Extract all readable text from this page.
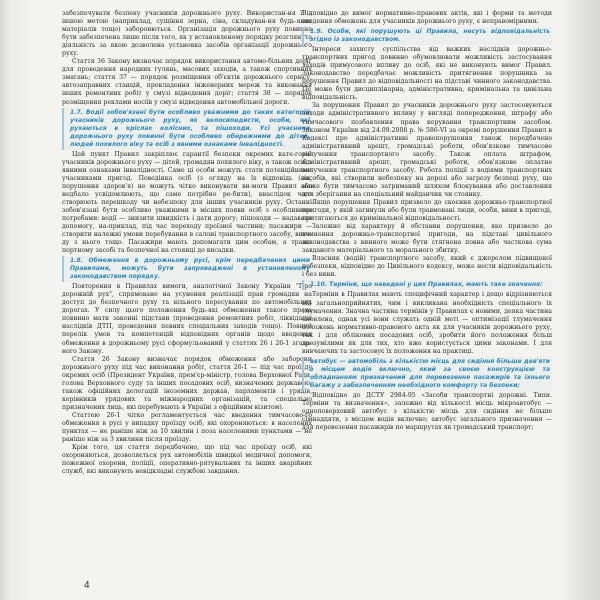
забезпечувати безпеку учасників дорожнього руху. Використан-ня її з іншою метою (наприклад, сушіння зерна, сіна, складуван-ня будь-яких матеріалів тощо) заборонються. Організація дорожнього руху повинна бути забезпечена лише після того, як у встановленому порядку розглянута діяльність за якою дозволена установка засобів організації дорожнього руху.

Стаття 36 Закону визначає порядок використання автомо-більних доріг для проведення народних гулянь, масових заходів, а також спортивних змагань; стаття 37 — порядок розміщення об'єктів дорожнього сервісу, автозаправних станцій, прокладення інженерних мереж та виконання інших ремонтних робіт у смузі відведення доріг; стаття 38 — порядок розміщення реклами носіїв у смузі відведення автомобільної дороги.

1.7. Водії зобов'язані бути особливо уважними до таких категорій учасників дорожнього руху, як велосипедисти, особи, які рухаються в кріслах колісних, та пішоходи. Усі учасники дорожнього руху повинні бути особливо обережними до дітей, людей похилого віку та осіб з явними ознаками інвалідності.

Цей пункт Правил закріплює гарантії безпеки окремих кате-горій учасників дорожнього руху — дітей, громадян похилого віку, а також осіб з явними ознаками інвалідності. Саме ці особи можуть стати потенційними учасниками пригод. Поведінка осіб (з огляду на їх відповідь (вік, порушення здоров'я) не можуть чітко виконувати ви-моги Правил або недбало усвідомлюють, що саме потрібно ро-бити), внаслідок чого створюють перешкоду чи небезпеку для інших учасників руху. Останні зобов'язані бути особливо уважними в місцях появи осіб з особливими потребами: водії — знизити швидкість і дати дорогу; пішоходи — надавати допомогу, на-приклад, під час переходу проїзної частини; пасажири — створити належні умови перебування в салоні транспортного засобу, вихо-ду з нього тощо. Пасажири мають допомагати цим особам, а транс-портному засобі та безпечної на стоянці до висадки.

1.8. Обмеження в дорожньому русі, крім передбачених цими Правилами, можуть бути запроваджені в установленому законодавством порядку.

Повторення в Правилах вимоги, аналогічної Закону України "Про дорожній рух", спрямоване на усунення реалізації прав громадян на доступ до безпечного руху та вільного пересування по автомобільних дорогах. У силу цього положення будь-які обмеження такого права повинно мати законні підстави (проведення ремонтних робіт, ліквідація наслідків ДТП, проведення певних спеціальних заходів тощо). Повний перелік умов та компетенцій відповідних органів щодо введення обмеження в дорожньому русі сформульований у статтях 26 і 26-1 згада-ного Закону.

Стаття 26 Закону визначає порядок обмеження або заборони дорожнього руху під час виконання робіт, стаття 26-1 — під час проїзду окремих осіб (Президент України, прем'єр-міністр, голова Верховної Ради, голова Верховного суду та інших посадових осіб, визначених державою, також офіційних делегацій іноземних держав, парламентів і урядів, керівників урядових та міжнародних організацій, та спеціально призначених лиць, які перебувають в Україні з офіційним візитом).

Статтею 26-1 чітко регламентується час введення тимчасово-го обмеження в русі у випадку проїзду осіб, які охороняються: в населених пунктах — не раніше ніж за 10 хвилин і поза населеними пунктами — не раніше ніж за 3 хвилини після проїзду.

Крім того, ця стаття передбачено, що під час проїзду осіб, які охороняються, дозволяється рух автомобілів швидкої медичної допомоги, пожежної охорони, поліції, оперативно-рятувальних та інших аварійних служб, які виконують невідкладні службові завдання.

Відповідно до вимог нормативно-правових актів, які і форми та методи введення обмежень для учасників дорожнього руху, є неправомірними.

1.9. Особи, які порушують ці Правила, несуть відповідальність згідно із законодавством.

Інтереси захисту суспільства від важких наслідків дорожньо-транспортних пригод повинно обумовлювати можливість застосування заходів примусового впливу до осіб, які не виконують вимог Правил. Законодавство передбачає можливість притягнення порушника за порушення Правил до відповідальності на підставі чинного законодавства. Це може бути дисциплінарна, адміністративна, кримінальна та цивільна відповідальність.

За порушення Правил до учасників дорожнього руху застосовуються заходи адміністративного впливу у вигляді попередження, штрафу або тимчасового позбавлення права керування транспортним засобом. Законом України від 24.09.2008 р. № 586-VI за окремі порушення Правил в Кодексі про адміністративні правопорушення також передбачено адміністративний арешт, громадські роботи, обов'язкове тимчасове вилучення транспортного засобу. Також оплата штрафом, адміністративний арешт, громадські роботи, обов'язкове оплатне вилучення транспортного засобу. Робота поліції з водіями транспортних засобів, які створили небезпеку на дорозі або загрозу безпеці руху, що може бути тимчасово затриманий шляхом блокування або доставлення для зберігання на спеціальний майданчик чи стоянку.

Якщо порушення Правил призвело до скоєння дорожньо-транспортної пригоди, у якій загинули або були травмовані люди, особи, вини в пригоді, притягаються до кримінальної відповідальності.

Залежно від характеру й обставин порушення, яке призвело до вчинення дорожньо-транспортної пригоди, на підставі цивільного законодавства з винного може бути стягнена повна або часткова сума завданого матеріального та морального збитку.

Власник (водій) транспортного засобу, який є джерелом підвищеної небезпеки, відповідно до Цивільного кодексу, може нести відповідальність і без вини.

1.10. Терміни, що наведені у цих Правилах, мають таке значення:

Терміни в Правилах мають специфічний характер і дещо відрізняються від загальноприйнятих, чим і викликана необхідність спеціального їх тлумачення. Значна частина термінів у Правилах є новими, деяка частина оновлена, однак усі вони служать одній меті — оптимізації тлумачення положень нормативно-правового акта як для учасників дорожнього руху, так і для облікових посадових осіб, зробити його положення більш зрозумілими як для тих, хто вже користується цими законами. І для вивчаючих та застосовує їх положення на практиці.

автобус — автомобіль з кількістю місць для сидіння більше дев'яти з місцем водія включно, який за своєю конструкцією та обладнанням призначений для перевезення пасажирів та їхнього багажу з забезпеченням необхідного комфорту та безпеки;

Відповідно до ДСТУ 2984-95 «Засоби транспортні дорожні. Типи. Терміни та визначення», залежно від кількості місць мікроавтобус — одноповерховий автобус з кількістю місць для сидіння не більше сімнадцяти, з місцем водія включно; автобус загального призначення — для перевезення пасажирів по маршрутах як громадський транспорт;

4
